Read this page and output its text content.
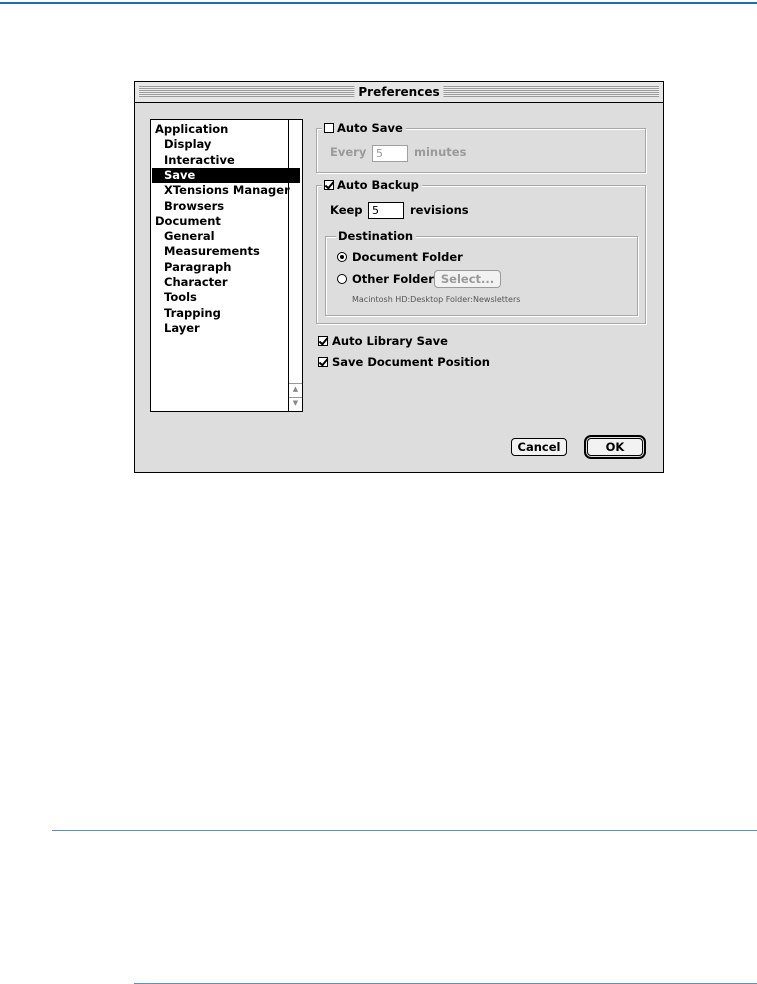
Preferences
▲
▼
Application
Display
Interactive
Save
XTensions Manager
Browsers
Document
General
Measurements
Paragraph
Character
Tools
Trapping
Layer
Auto Save
Every 5	minutes
Auto Backup
Keep 5	revisions
Destination
Document Folder
Other Folder Select...
Macintosh HD:Desktop Folder:Newsletters
Auto Library Save
Save Document Position
Cancel	OK
